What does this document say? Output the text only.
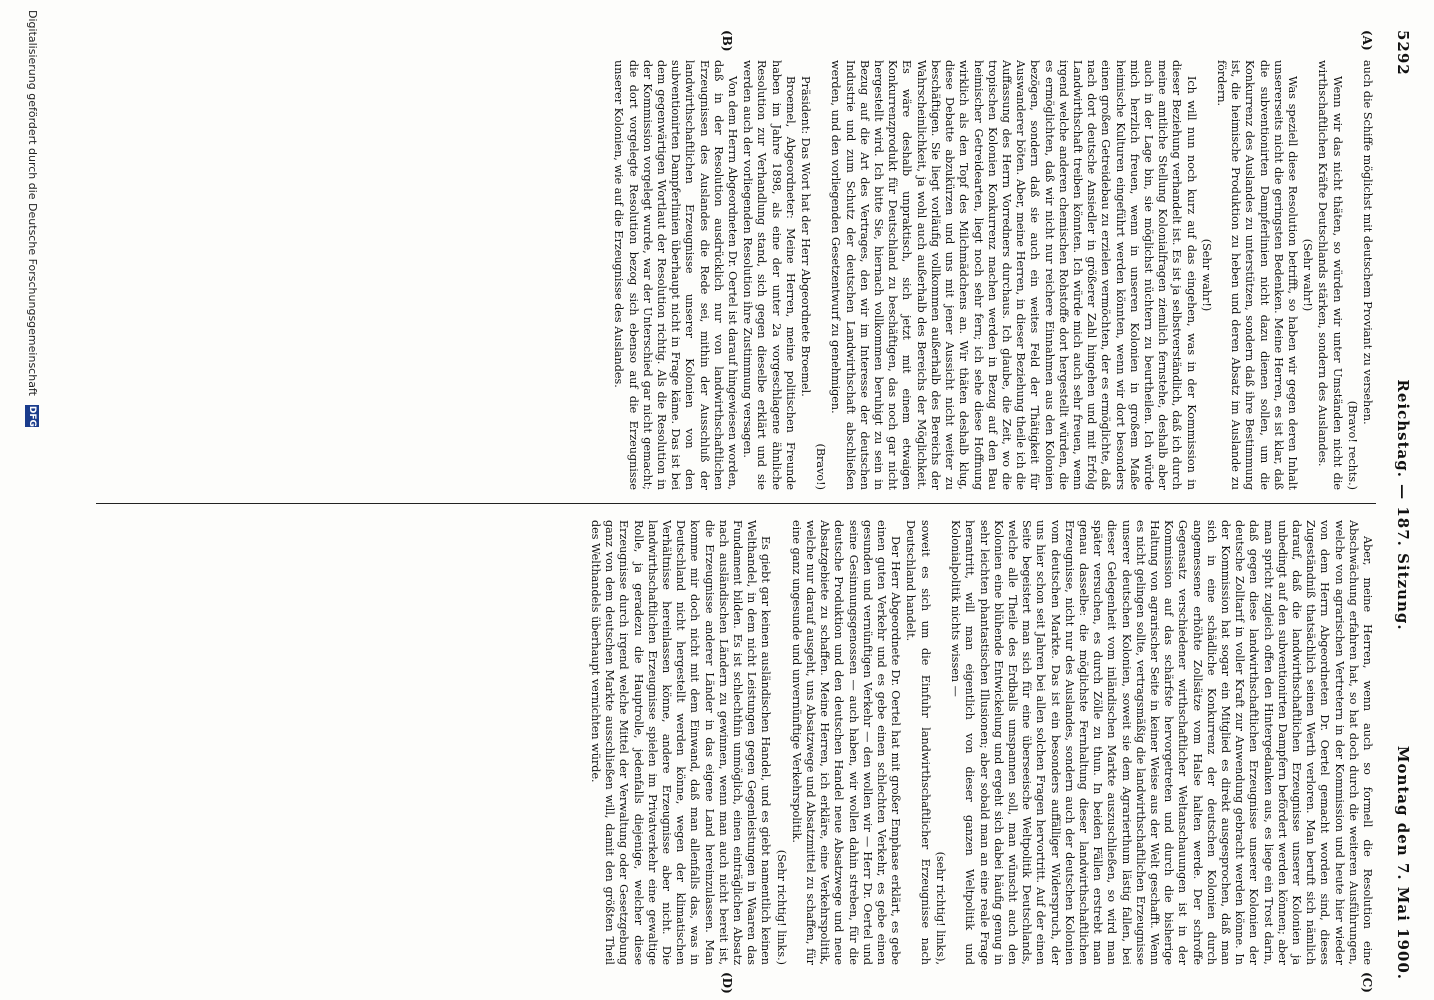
5292
Reichstag. — 187. Sitzung.
Montag den 7. Mai 1900.
(A)
(B)
(C)
(D)

auch die Schiffe möglichst mit deutschem Proviant zu versehen.

(Bravo! rechts.)

Wenn wir das nicht thäten, so würden wir unter Umständen nicht die wirthschaftlichen Kräfte Deutschlands stärken, sondern des Auslandes.

(Sehr wahr!)

Was speziell diese Resolution betrifft, so haben wir gegen deren Inhalt unsererseits nicht die geringsten Bedenken. Meine Herren, es ist klar, daß die subventionirten Dampferlinien nicht dazu dienen sollen, um die Konkurrenz des Auslandes zu unterstützen, sondern daß ihre Bestimmung ist, die heimische Produktion zu heben und deren Absatz im Auslande zu fördern.

(Sehr wahr!)

Ich will nun noch kurz auf das eingehen, was in der Kommission in dieser Beziehung verhandelt ist. Es ist ja selbstverständlich, daß ich durch meine amtliche Stellung Kolonialfragen ziemlich fernstehe, deshalb aber auch in der Lage bin, sie möglichst nüchtern zu beurtheilen. Ich würde mich herzlich freuen, wenn in unseren Kolonien in großem Maße heimische Kulturen eingeführt werden könnten, wenn wir dort besonders einen großen Getreidebau zu erzielen vermöchten, der es ermöglichte, daß nach dort deutsche Ansiedler in größerer Zahl hingehen und mit Erfolg Landwirthschaft treiben könnten. Ich würde mich auch sehr freuen, wenn irgend welche anderen chemischen Rohstoffe dort hergestellt würden, die es ermöglichten, daß wir nicht nur reichere Einnahmen aus den Kolonien bezögen, sondern daß sie auch ein weites Feld der Thätigkeit für Auswanderer böten. Aber, meine Herren, in dieser Beziehung theile ich die Auffassung des Herrn Vorredners durchaus. Ich glaube, die Zeit, wo die tropischen Kolonien Konkurrenz machen werden in Bezug auf den Bau heimischer Getreidearten, liegt noch sehr fern; ich sehe diese Hoffnung wirklich als den Topf des Milchmädchens an. Wir thäten deshalb klug, diese Debatte abzukürzen und uns mit jener Aussicht nicht weiter zu beschäftigen. Sie liegt vorläufig vollkommen außerhalb des Bereichs der Wahrscheinlichkeit, ja wohl auch außerhalb des Bereichs der Möglichkeit. Es wäre deshalb unpraktisch, sich jetzt mit einem etwaigen Konkurrenzprodukt für Deutschland zu beschäftigen, das noch gar nicht hergestellt wird. Ich bitte Sie, hiernach vollkommen beruhigt zu sein in Bezug auf die Art des Vertrages, den wir im Interesse der deutschen Industrie und zum Schutz der deutschen Landwirthschaft abschließen werden, und den vorliegenden Gesetzentwurf zu genehmigen.

(Bravo!)

Präsident: Das Wort hat der Herr Abgeordnete Broemel.

Broemel, Abgeordneter: Meine Herren, meine politischen Freunde haben im Jahre 1898, als eine der unter 2a vorgeschlagene ähnliche Resolution zur Verhandlung stand, sich gegen dieselbe erklärt und sie werden auch der vorliegenden Resolution ihre Zustimmung versagen.

Von dem Herrn Abgeordneten Dr. Oertel ist darauf hingewiesen worden, daß in der Resolution ausdrücklich nur von landwirthschaftlichen Erzeugnissen des Auslandes die Rede sei, mithin der Ausschluß der landwirthschaftlichen Erzeugnisse unserer Kolonien von den subventionirten Dampferlinien überhaupt nicht in Frage käme. Das ist bei dem gegenwärtigen Wortlaut der Resolution richtig. Als die Resolution in der Kommission vorgelegt wurde, war der Unterschied gar nicht gemacht; die dort vorgelegte Resolution bezog sich ebenso auf die Erzeugnisse unserer Kolonien, wie auf die Erzeugnisse des Auslandes.

Aber, meine Herren, wenn auch so formell die Resolution eine Abschwächung erfahren hat, so hat doch durch die weiteren Ausführungen, welche von agrarischen Vertretern in der Kommission und heute hier wieder von dem Herrn Abgeordneten Dr. Oertel gemacht worden sind, dieses Zugeständniß thatsächlich seinen Werth verloren. Man beruft sich nämlich darauf, daß die landwirthschaftlichen Erzeugnisse unserer Kolonien ja unbedingt auf den subventionirten Dampfern befördert werden können; aber man spricht zugleich offen den Hintergedanken aus, es liege ein Trost darin, daß gegen diese landwirthschaftlichen Erzeugnisse unserer Kolonien der deutsche Zolltarif in voller Kraft zur Anwendung gebracht werden könne. In der Kommission hat sogar ein Mitglied es direkt ausgesprochen, daß man sich in eine schädliche Konkurrenz der deutschen Kolonien durch angemessene erhöhte Zollsätze vom Halse halten werde. Der schroffe Gegensatz verschiedener wirthschaftlicher Weltanschauungen ist in der Kommission auf das schärfste hervorgetreten und durch die bisherige Haltung von agrarischer Seite in keiner Weise aus der Welt geschafft. Wenn es nicht gelingen sollte, vertragsmäßig die landwirthschaftlichen Erzeugnisse unserer deutschen Kolonien, soweit sie dem Agrarierthum lästig fallen, bei dieser Gelegenheit vom inländischen Markte auszuschließen, so wird man später versuchen, es durch Zölle zu thun. In beiden Fällen erstrebt man genau dasselbe: die möglichste Fernhaltung dieser landwirthschaftlichen Erzeugnisse, nicht nur des Auslandes, sondern auch der deutschen Kolonien vom deutschen Markte. Das ist ein besonders auffälliger Widerspruch, der uns hier schon seit Jahren bei allen solchen Fragen hervortritt. Auf der einen Seite begeistert man sich für eine überseeische Weltpolitik Deutschlands, welche alle Theile des Erdballs umspannen soll, man wünscht auch den Kolonien eine blühende Entwickelung und ergeht sich dabei häufig genug in sehr leichten phantastischen Illusionen; aber sobald man an eine reale Frage herantritt, will man eigentlich von dieser ganzen Weltpolitik und Kolonialpolitik nichts wissen —

(sehr richtig! links),

soweit es sich um die Einfuhr landwirthschaftlicher Erzeugnisse nach Deutschland handelt.

Der Herr Abgeordnete Dr. Oertel hat mit großer Emphase erklärt, es gebe einen guten Verkehr und es gebe einen schlechten Verkehr, es gebe einen gesunden und vernünftigen Verkehr — den wollen wir — Herr Dr. Oertel und seine Gesinnungsgenossen — auch haben, wir wollen dahin streben, für die deutsche Produktion und den deutschen Handel neue Absatzwege und neue Absatzgebiete zu schaffen. Meine Herren, ich erkläre, eine Verkehrspolitik, welche nur darauf ausgeht, uns Absatzwege und Absatzmittel zu schaffen, für eine ganz ungesunde und unvernünftige Verkehrspolitik.

(Sehr richtig! links.)

Es giebt gar keinen ausländischen Handel, und es giebt namentlich keinen Welthandel, in dem nicht Leistungen gegen Gegenleistungen in Waaren das Fundament bilden. Es ist schlechthin unmöglich, einen einträglichen Absatz nach ausländischen Ländern zu gewinnen, wenn man auch nicht bereit ist, die Erzeugnisse anderer Länder in das eigene Land hereinzulassen. Man komme mir doch nicht mit dem Einwand, daß man allenfalls das, was in Deutschland nicht hergestellt werden könne, wegen der klimatischen Verhältnisse hereinlassen könne, andere Erzeugnisse aber nicht. Die landwirthschaftlichen Erzeugnisse spielen im Privatverkehr eine gewaltige Rolle, ja geradezu die Hauptrolle, jedenfalls diejenige, welcher diese Erzeugnisse durch irgend welche Mittel der Verwaltung oder Gesetzgebung ganz von dem deutschen Markte ausschließen will, damit den größten Theil des Welthandels überhaupt vernichten würde.

Digitalisierung gefördert durch die Deutsche Forschungsgemeinschaft DFG
